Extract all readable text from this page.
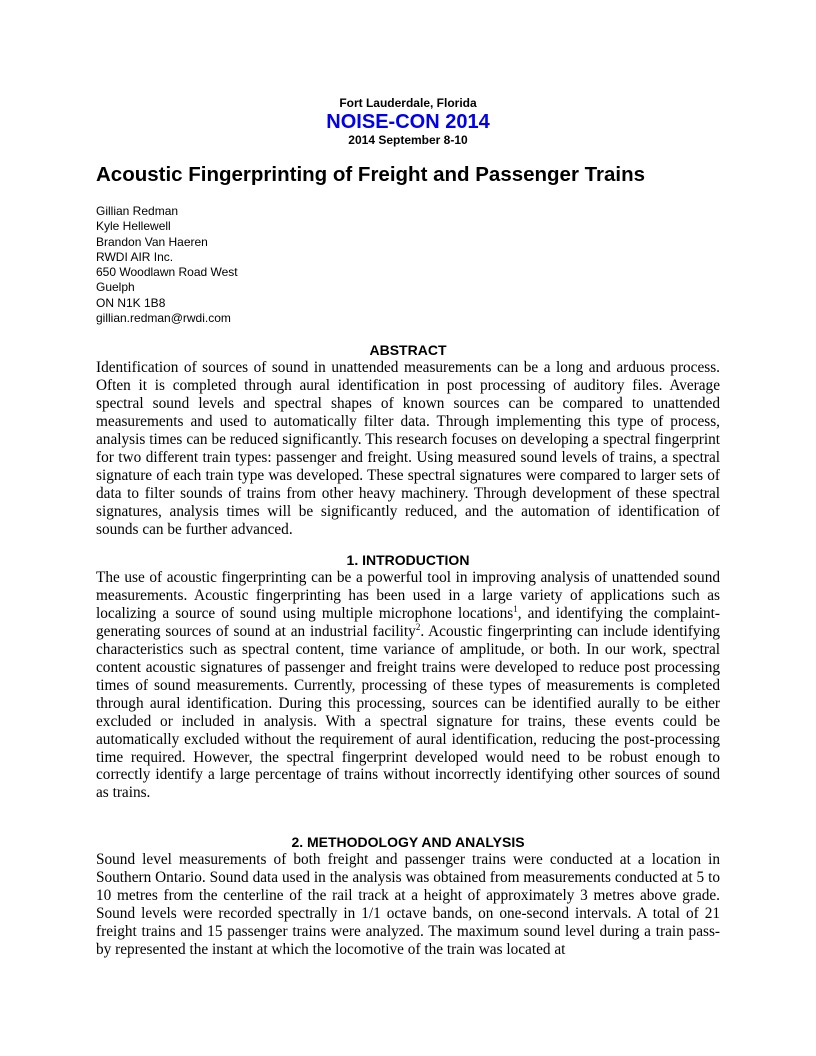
Fort Lauderdale, Florida
NOISE-CON 2014
2014 September 8-10
Acoustic Fingerprinting of Freight and Passenger Trains
Gillian Redman
Kyle Hellewell
Brandon Van Haeren
RWDI AIR Inc.
650 Woodlawn Road West
Guelph
ON N1K 1B8
gillian.redman@rwdi.com
ABSTRACT

Identification of sources of sound in unattended measurements can be a long and arduous process. Often it is completed through aural identification in post processing of auditory files. Average spectral sound levels and spectral shapes of known sources can be compared to unattended measurements and used to automatically filter data. Through implementing this type of process, analysis times can be reduced significantly. This research focuses on developing a spectral fingerprint for two different train types: passenger and freight. Using measured sound levels of trains, a spectral signature of each train type was developed. These spectral signatures were compared to larger sets of data to filter sounds of trains from other heavy machinery. Through development of these spectral signatures, analysis times will be significantly reduced, and the automation of identification of sounds can be further advanced.

1. INTRODUCTION

The use of acoustic fingerprinting can be a powerful tool in improving analysis of unattended sound measurements. Acoustic fingerprinting has been used in a large variety of applications such as localizing a source of sound using multiple microphone locations$^1$, and identifying the complaint-generating sources of sound at an industrial facility$^2$. Acoustic fingerprinting can include identifying characteristics such as spectral content, time variance of amplitude, or both. In our work, spectral content acoustic signatures of passenger and freight trains were developed to reduce post processing times of sound measurements. Currently, processing of these types of measurements is completed through aural identification. During this processing, sources can be identified aurally to be either excluded or included in analysis. With a spectral signature for trains, these events could be automatically excluded without the requirement of aural identification, reducing the post-processing time required. However, the spectral fingerprint developed would need to be robust enough to correctly identify a large percentage of trains without incorrectly identifying other sources of sound as trains.

2. METHODOLOGY AND ANALYSIS

Sound level measurements of both freight and passenger trains were conducted at a location in Southern Ontario. Sound data used in the analysis was obtained from measurements conducted at 5 to 10 metres from the centerline of the rail track at a height of approximately 3 metres above grade. Sound levels were recorded spectrally in 1/1 octave bands, on one-second intervals. A total of 21 freight trains and 15 passenger trains were analyzed. The maximum sound level during a train pass-by represented the instant at which the locomotive of the train was located at
